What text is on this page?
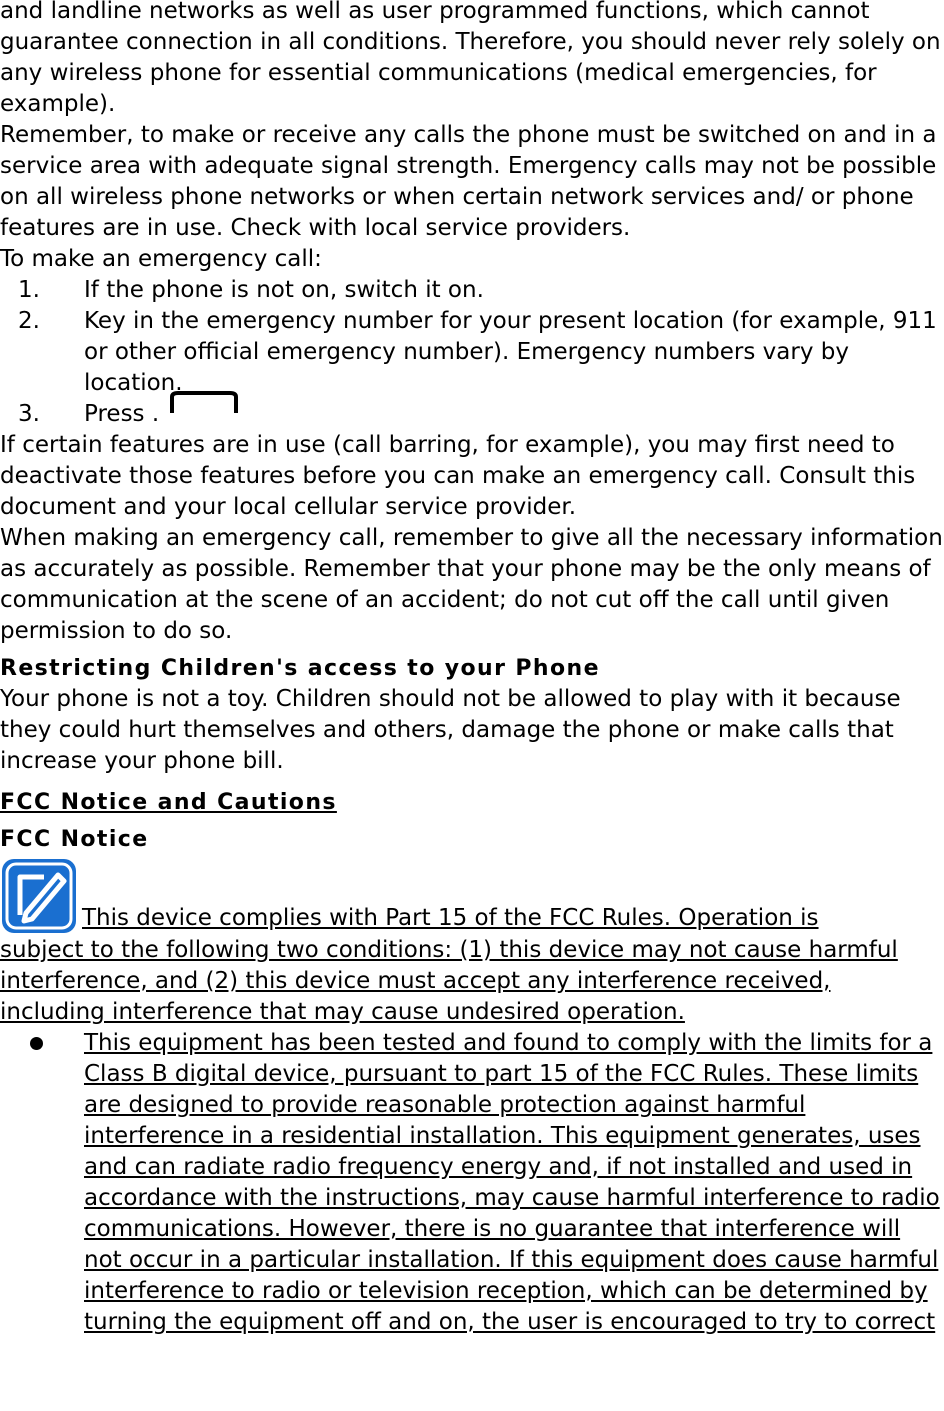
and landline networks as well as user programmed functions, which cannot guarantee connection in all conditions. Therefore, you should never rely solely on any wireless phone for essential communications (medical emergencies, for example).

Remember, to make or receive any calls the phone must be switched on and in a service area with adequate signal strength. Emergency calls may not be possible on all wireless phone networks or when certain network services and/ or phone features are in use. Check with local service providers.

To make an emergency call:

1. If the phone is not on, switch it on.
2. Key in the emergency number for your present location (for example, 911 or other official emergency number). Emergency numbers vary by location.
3. Press .

If certain features are in use (call barring, for example), you may first need to deactivate those features before you can make an emergency call. Consult this document and your local cellular service provider.

When making an emergency call, remember to give all the necessary information as accurately as possible. Remember that your phone may be the only means of communication at the scene of an accident; do not cut off the call until given permission to do so.

Restricting Children's access to your Phone

Your phone is not a toy. Children should not be allowed to play with it because they could hurt themselves and others, damage the phone or make calls that increase your phone bill.

FCC Notice and Cautions

FCC Notice

This device complies with Part 15 of the FCC Rules. Operation is

subject to the following two conditions: (1) this device may not cause harmful interference, and (2) this device must accept any interference received, including interference that may cause undesired operation.

This equipment has been tested and found to comply with the limits for a Class B digital device, pursuant to part 15 of the FCC Rules. These limits are designed to provide reasonable protection against harmful interference in a residential installation. This equipment generates, uses and can radiate radio frequency energy and, if not installed and used in accordance with the instructions, may cause harmful interference to radio communications. However, there is no guarantee that interference will not occur in a particular installation. If this equipment does cause harmful interference to radio or television reception, which can be determined by turning the equipment off and on, the user is encouraged to try to correct
